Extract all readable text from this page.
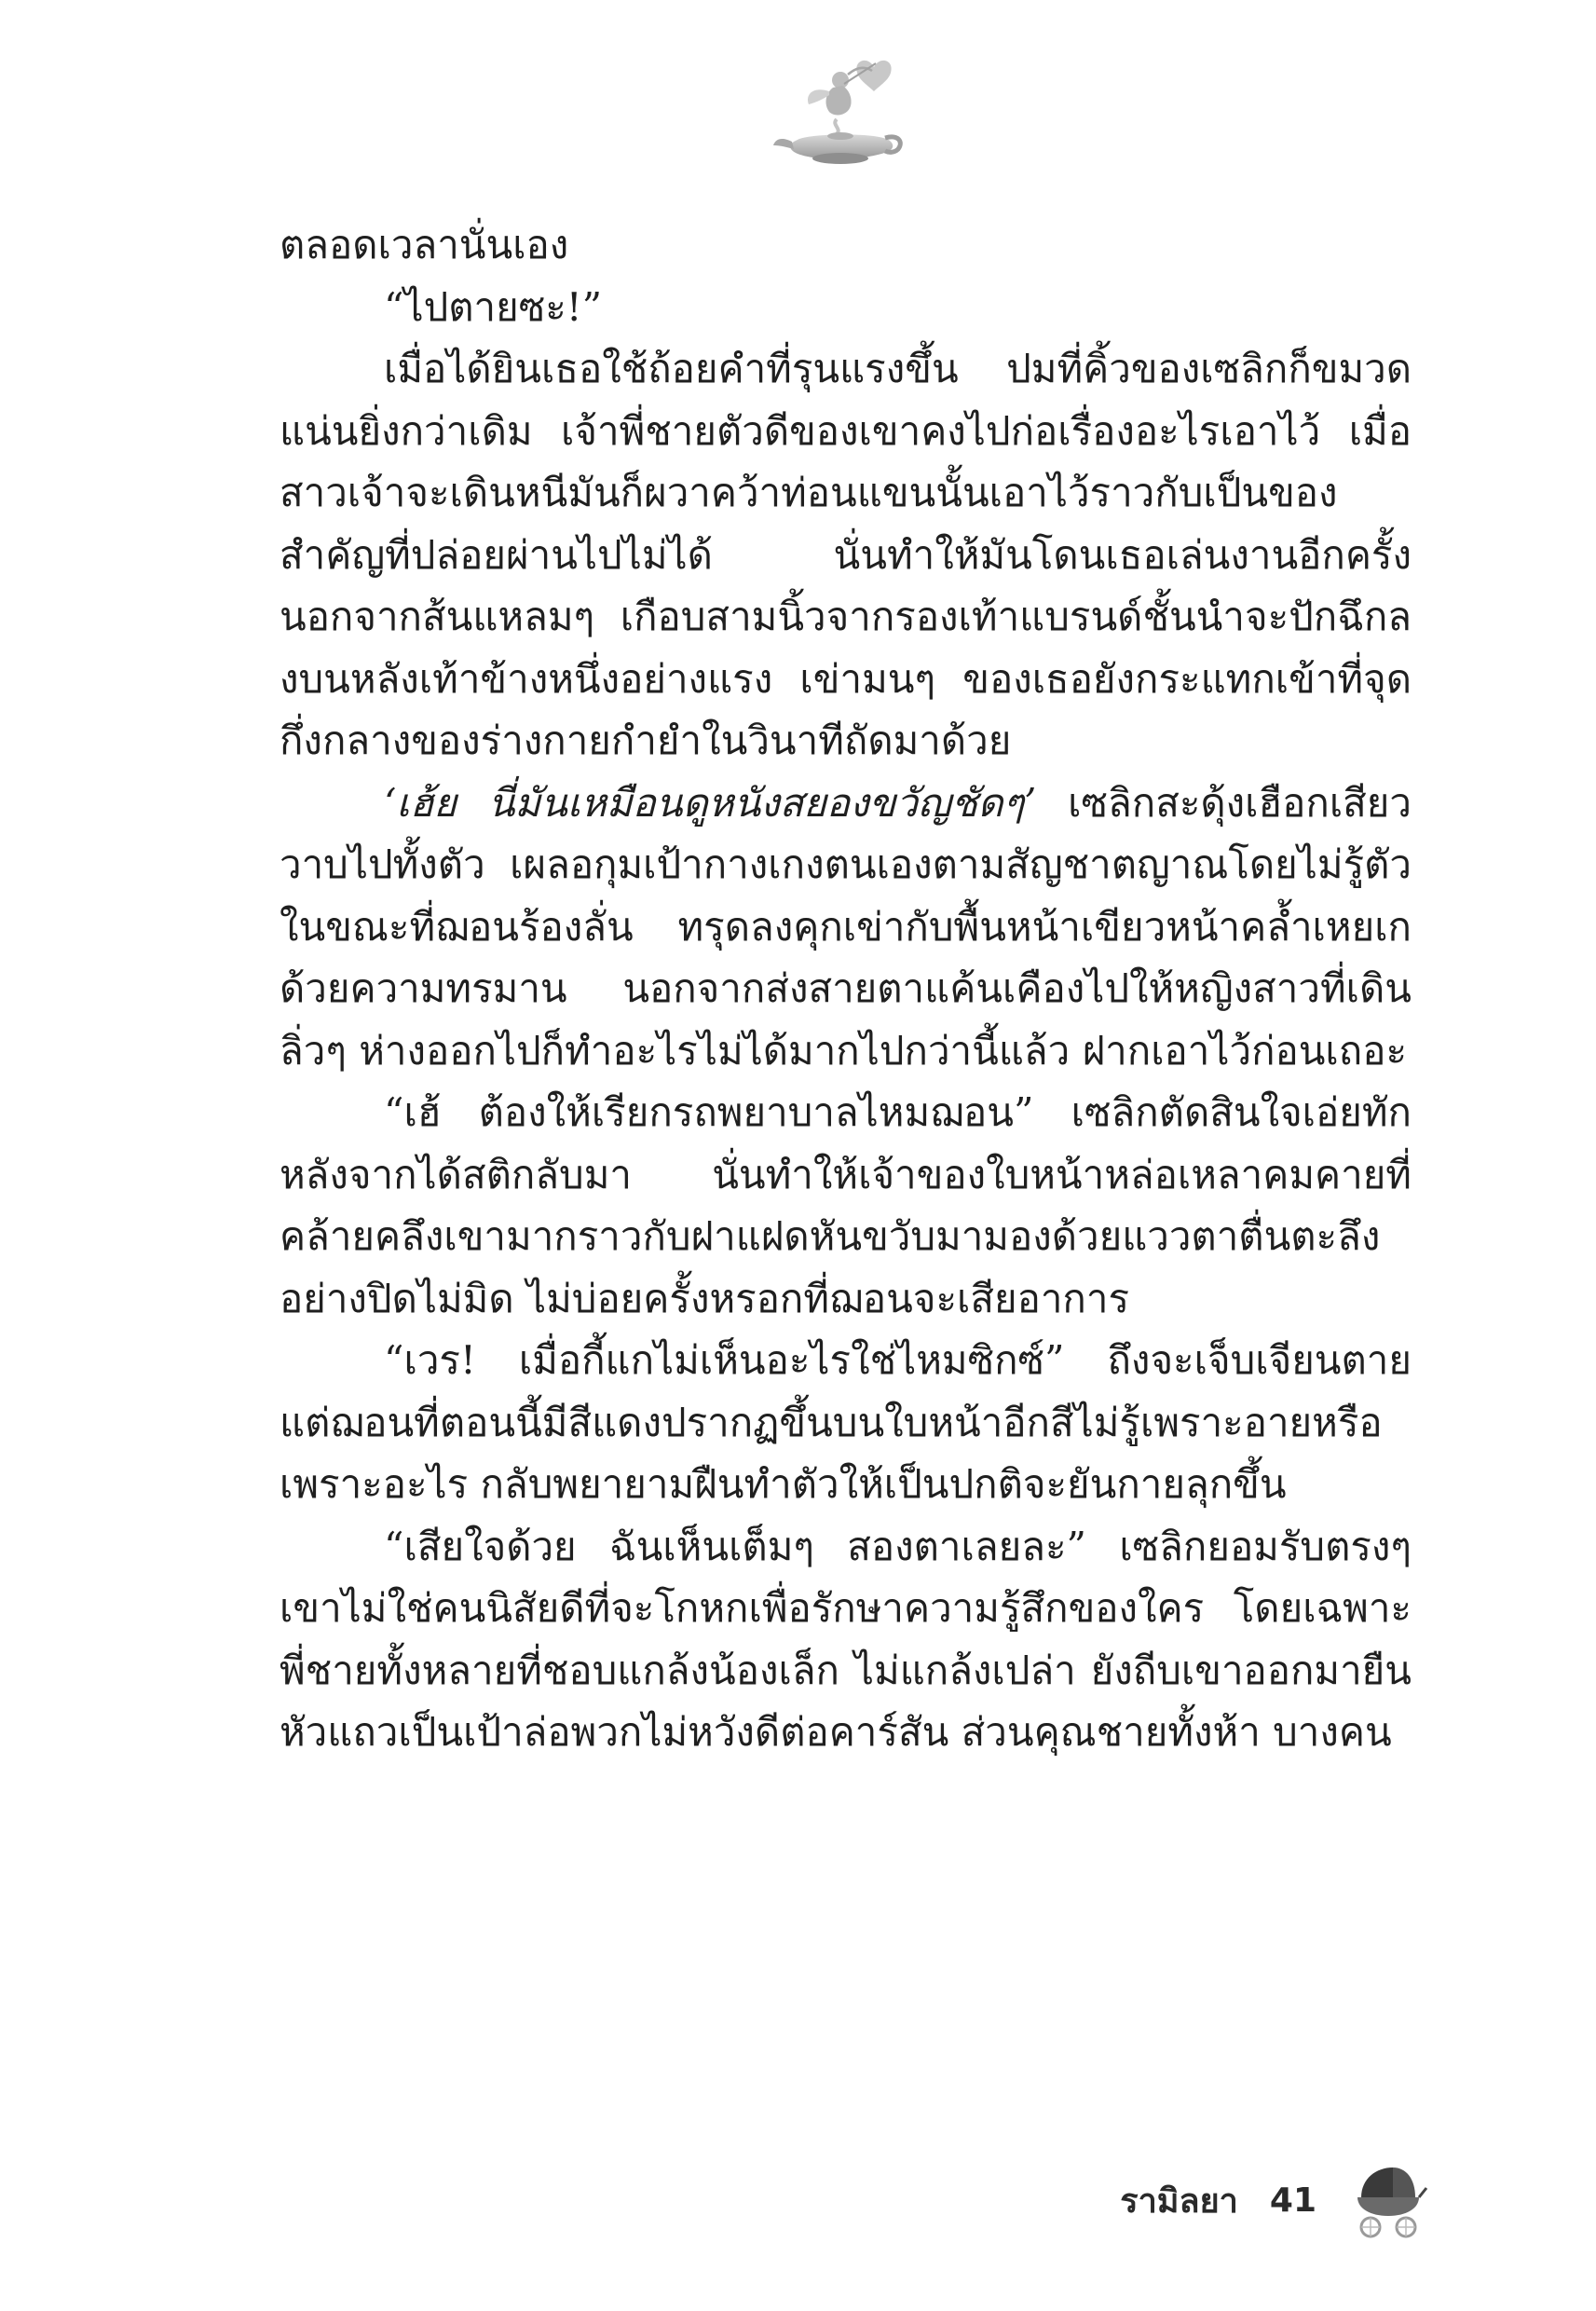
ตลอดเวลานั่นเอง

“ไปตายซะ!”

เมื่อได้ยินเธอใช้ถ้อยคำที่รุนแรงขึ้น ปมที่คิ้วของเซลิกก็ขมวดแน่นยิ่งกว่าเดิม เจ้าพี่ชายตัวดีของเขาคงไปก่อเรื่องอะไรเอาไว้ เมื่อสาวเจ้าจะเดินหนีมันก็ผวาคว้าท่อนแขนนั้นเอาไว้ราวกับเป็นของสำคัญที่ปล่อยผ่านไปไม่ได้ นั่นทำให้มันโดนเธอเล่นงานอีกครั้ง นอกจากส้นแหลมๆ เกือบสามนิ้วจากรองเท้าแบรนด์ชั้นนำจะปักฉึกลงบนหลังเท้าข้างหนึ่งอย่างแรง เข่ามนๆ ของเธอยังกระแทกเข้าที่จุดกึ่งกลางของร่างกายกำยำในวินาทีถัดมาด้วย

‘เฮ้ย นี่มันเหมือนดูหนังสยองขวัญชัดๆ’ เซลิกสะดุ้งเฮือกเสียววาบไปทั้งตัว เผลอกุมเป้ากางเกงตนเองตามสัญชาตญาณโดยไม่รู้ตัว ในขณะที่ฌอนร้องลั่น ทรุดลงคุกเข่ากับพื้นหน้าเขียวหน้าคล้ำเหยเกด้วยความทรมาน นอกจากส่งสายตาแค้นเคืองไปให้หญิงสาวที่เดินลิ่วๆ ห่างออกไปก็ทำอะไรไม่ได้มากไปกว่านี้แล้ว ฝากเอาไว้ก่อนเถอะ

“เฮ้ ต้องให้เรียกรถพยาบาลไหมฌอน” เซลิกตัดสินใจเอ่ยทักหลังจากได้สติกลับมา นั่นทำให้เจ้าของใบหน้าหล่อเหลาคมคายที่คล้ายคลึงเขามากราวกับฝาแฝดหันขวับมามองด้วยแววตาตื่นตะลึงอย่างปิดไม่มิด ไม่บ่อยครั้งหรอกที่ฌอนจะเสียอาการ

“เวร! เมื่อกี้แกไม่เห็นอะไรใช่ไหมซิกซ์” ถึงจะเจ็บเจียนตาย แต่ฌอนที่ตอนนี้มีสีแดงปรากฏขึ้นบนใบหน้าอีกสีไม่รู้เพราะอายหรือเพราะอะไร กลับพยายามฝืนทำตัวให้เป็นปกติจะยันกายลุกขึ้น

“เสียใจด้วย ฉันเห็นเต็มๆ สองตาเลยละ” เซลิกยอมรับตรงๆ เขาไม่ใช่คนนิสัยดีที่จะโกหกเพื่อรักษาความรู้สึกของใคร โดยเฉพาะพี่ชายทั้งหลายที่ชอบแกล้งน้องเล็ก ไม่แกล้งเปล่า ยังถีบเขาออกมายืนหัวแถวเป็นเป้าล่อพวกไม่หวังดีต่อคาร์สัน ส่วนคุณชายทั้งห้า บางคน

รามิลยา 41
